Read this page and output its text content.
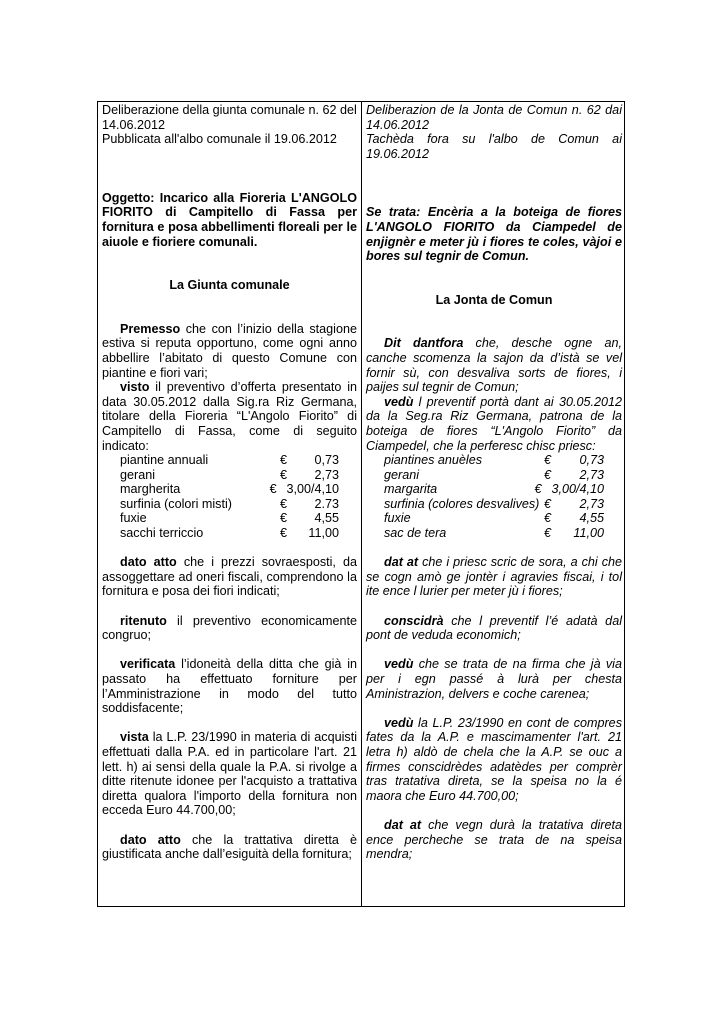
Deliberazione della giunta comunale n. 62 del 14.06.2012

Pubblicata all'albo comunale il 19.06.2012

Oggetto: Incarico alla Fioreria L'ANGOLO FIORITO di Campitello di Fassa per fornitura e posa abbellimenti floreali per le aiuole e fioriere comunali.

La Giunta comunale

Premesso che con l’inizio della stagione estiva si reputa opportuno, come ogni anno abbellire l’abitato di questo Comune con piantine e fiori vari;

visto il preventivo d’offerta presentato in data 30.05.2012 dalla Sig.ra Riz Germana, titolare della Fioreria “L'Angolo Fiorito” di Campitello di Fassa, come di seguito indicato:

piantine annuali	€	0,73
gerani	€	2,73
margherita	€ 3,00/4,10
surfinia (colori misti)	€	2.73
fuxie	€	4,55
sacchi terriccio	€	11,00

dato atto che i prezzi sovraesposti, da assoggettare ad oneri fiscali, comprendono la fornitura e posa dei fiori indicati;

ritenuto il preventivo economicamente congruo;

verificata l’idoneità della ditta che già in passato ha effettuato forniture per l’Amministrazione in modo del tutto soddisfacente;

vista la L.P. 23/1990 in materia di acquisti effettuati dalla P.A. ed in particolare l'art. 21 lett. h) ai sensi della quale la P.A. si rivolge a ditte ritenute idonee per l'acquisto a trattativa diretta qualora l'importo della fornitura non ecceda Euro 44.700,00;

dato atto che la trattativa diretta è giustificata anche dall’esiguità della fornitura;

Deliberazion de la Jonta de Comun n. 62 dai 14.06.2012

Tachèda fora su l'albo de Comun ai 19.06.2012

Se trata: Encèria a la boteiga de fiores L'ANGOLO FIORITO da Ciampedel de enjignèr e meter jù i fiores te coles, vàjoi e bores sul tegnir de Comun.

La Jonta de Comun

Dit dantfora che, desche ogne an, canche scomenza la sajon da d’istà se vel fornir sù, con desvaliva sorts de fiores, i paijes sul tegnir de Comun;

vedù l preventif portà dant ai 30.05.2012 da la Seg.ra Riz Germana, patrona de la boteiga de fiores “L'Angolo Fiorito” da Ciampedel, che la perferesc chisc priesc:

piantines anuèles	€	0,73
gerani	€	2,73
margarita	€ 3,00/4,10
surfinia (colores desvalives) €	2,73
fuxie	€	4,55
sac de tera	€	11,00

dat at che i priesc scric de sora, a chi che se cogn amò ge jontèr i agravies fiscai, i tol ite ence l lurier per meter jù i fiores;

conscidrà che l preventif l’é adatà dal pont de veduda economich;

vedù che se trata de na firma che jà via per i egn passé à lurà per chesta Aministrazion, delvers e coche carenea;

vedù la L.P. 23/1990 en cont de compres fates da la A.P. e mascimamenter l'art. 21 letra h) aldò de chela che la A.P. se ouc a firmes conscidrèdes adatèdes per comprèr tras tratativa direta, se la speisa no la é maora che Euro 44.700,00;

dat at che vegn durà la tratativa direta ence percheche se trata de na speisa mendra;
